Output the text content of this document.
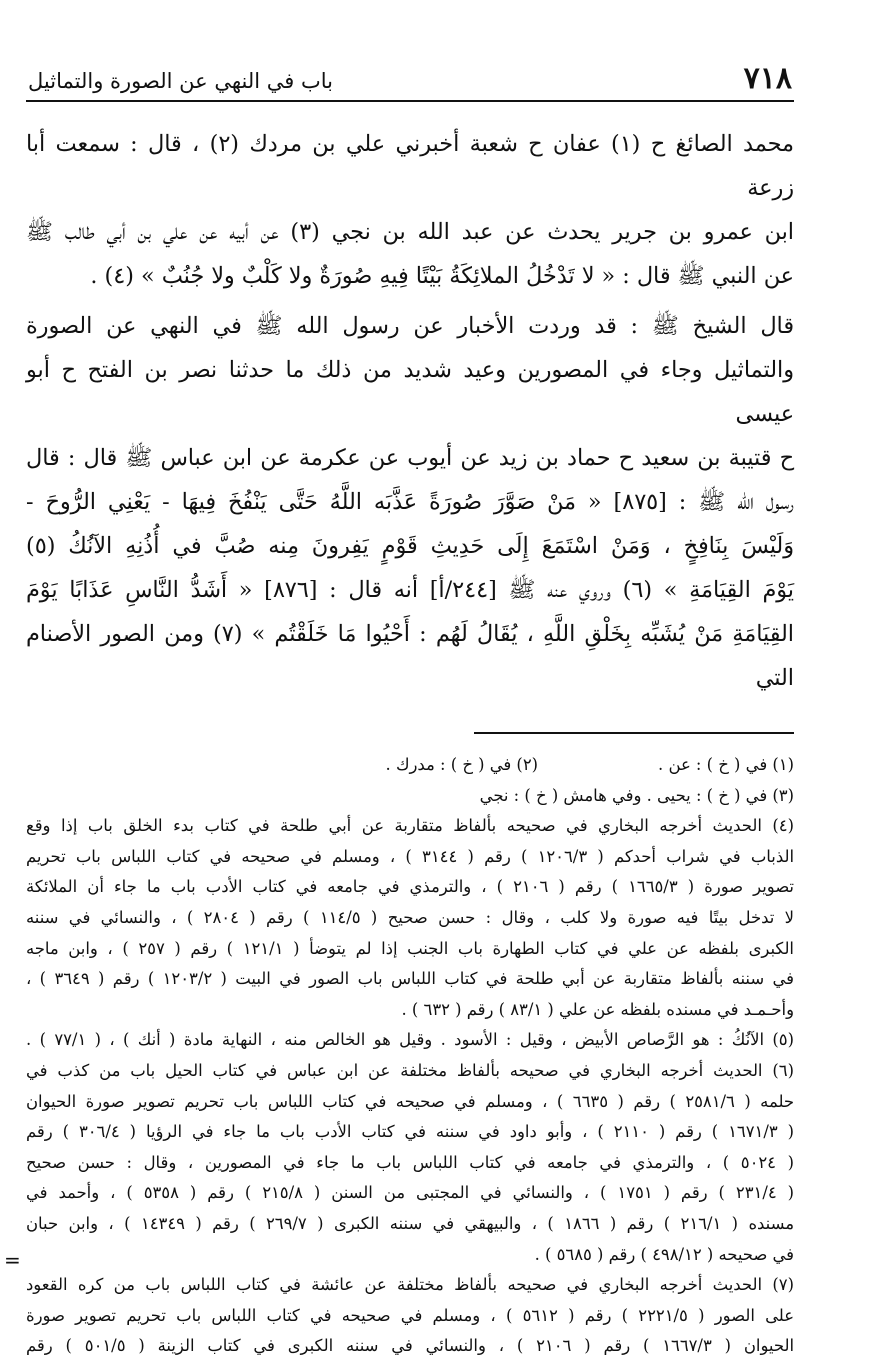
٧١٨
باب في النهي عن الصورة والتماثيل

محمد الصائغ ح (١) عفان ح شعبة أخبرني علي بن مردك (٢) ، قال : سمعت أبا زرعة

ابن عمرو بن جرير يحدث عن عبد الله بن نجي (٣) عن أبيه عن علي بن أبي طالب ﷺ

عن النبي ﷺ قال : « لا تَدْخُلُ الملائِكَةُ بَيْتًا فِيهِ صُورَةٌ ولا كَلْبٌ ولا جُنُبٌ » (٤) .

قال الشيخ ﷺ : قد وردت الأخبار عن رسول الله ﷺ في النهي عن الصورة

والتماثيل وجاء في المصورين وعيد شديد من ذلك ما حدثنا نصر بن الفتح ح أبو عيسى

ح قتيبة بن سعيد ح حماد بن زيد عن أيوب عن عكرمة عن ابن عباس ﷺ قال : قال

رسول الله ﷺ : [٨٧٥] « مَنْ صَوَّرَ صُورَةً عَذَّبَه اللَّهُ حَتَّى يَنْفُخَ فِيهَا - يَعْنِي الرُّوحَ -

وَلَيْسَ بِنَافِخٍ ، وَمَنْ اسْتَمَعَ إِلَى حَدِيثِ قَوْمٍ يَفِرونَ مِنه صُبَّ في أُذُنِهِ الآنُكُ (٥)

يَوْمَ القِيَامَةِ » (٦) وروي عنه ﷺ [٢٤٤/أ] أنه قال : [٨٧٦] « أَشَدُّ النَّاسِ عَذَابًا يَوْمَ

القِيَامَةِ مَنْ يُشَبِّه بِخَلْقِ اللَّهِ ، يُقَالُ لَهُم : أَحْيُوا مَا خَلَقْتُم » (٧) ومن الصور الأصنام التي

(١) في ( خ ) : عن .
(٢) في ( خ ) : مدرك .

(٣) في ( خ ) : يحيى . وفي هامش ( خ ) : نجي

(٤) الحديث أخرجه البخاري في صحيحه بألفاظ متقاربة عن أبي طلحة في كتاب بدء الخلق باب إذا وقع

الذباب في شراب أحدكم ( ١٢٠٦/٣ ) رقم ( ٣١٤٤ ) ، ومسلم في صحيحه في كتاب اللباس باب تحريم

تصوير صورة ( ١٦٦٥/٣ ) رقم ( ٢١٠٦ ) ، والترمذي في جامعه في كتاب الأدب باب ما جاء أن الملائكة

لا تدخل بيتًا فيه صورة ولا كلب ، وقال : حسن صحيح ( ١١٤/٥ ) رقم ( ٢٨٠٤ ) ، والنسائي في سننه

الكبرى بلفظه عن علي في كتاب الطهارة باب الجنب إذا لم يتوضأ ( ١٢١/١ ) رقم ( ٢٥٧ ) ، وابن ماجه

في سننه بألفاظ متقاربة عن أبي طلحة في كتاب اللباس باب الصور في البيت ( ١٢٠٣/٢ ) رقم ( ٣٦٤٩ ) ،

وأحـمـد في مسنده بلفظه عن علي ( ٨٣/١ ) رقم ( ٦٣٢ ) .

(٥) الآنُكُ : هو الرَّصاص الأبيض ، وقيل : الأسود . وقيل هو الخالص منه ، النهاية مادة ( أنك ) ، ( ٧٧/١ ) .

(٦) الحديث أخرجه البخاري في صحيحه بألفاظ مختلفة عن ابن عباس في كتاب الحيل باب من كذب في

حلمه ( ٢٥٨١/٦ ) رقم ( ٦٦٣٥ ) ، ومسلم في صحيحه في كتاب اللباس باب تحريم تصوير صورة الحيوان

( ١٦٧١/٣ ) رقم ( ٢١١٠ ) ، وأبو داود في سننه في كتاب الأدب باب ما جاء في الرؤيا ( ٣٠٦/٤ ) رقم

( ٥٠٢٤ ) ، والترمذي في جامعه في كتاب اللباس باب ما جاء في المصورين ، وقال : حسن صحيح

( ٢٣١/٤ ) رقم ( ١٧٥١ ) ، والنسائي في المجتبى من السنن ( ٢١٥/٨ ) رقم ( ٥٣٥٨ ) ، وأحمد في

مسنده ( ٢١٦/١ ) رقم ( ١٨٦٦ ) ، والبيهقي في سننه الكبرى ( ٢٦٩/٧ ) رقم ( ١٤٣٤٩ ) ، وابن حبان

في صحيحه ( ٤٩٨/١٢ ) رقم ( ٥٦٨٥ ) .

(٧) الحديث أخرجه البخاري في صحيحه بألفاظ مختلفة عن عائشة في كتاب اللباس باب من كره القعود

على الصور ( ٢٢٢١/٥ ) رقم ( ٥٦١٢ ) ، ومسلم في صحيحه في كتاب اللباس باب تحريم تصوير صورة

الحيوان ( ١٦٦٧/٣ ) رقم ( ٢١٠٦ ) ، والنسائي في سننه الكبرى في كتاب الزينة ( ٥٠١/٥ ) رقم

=
